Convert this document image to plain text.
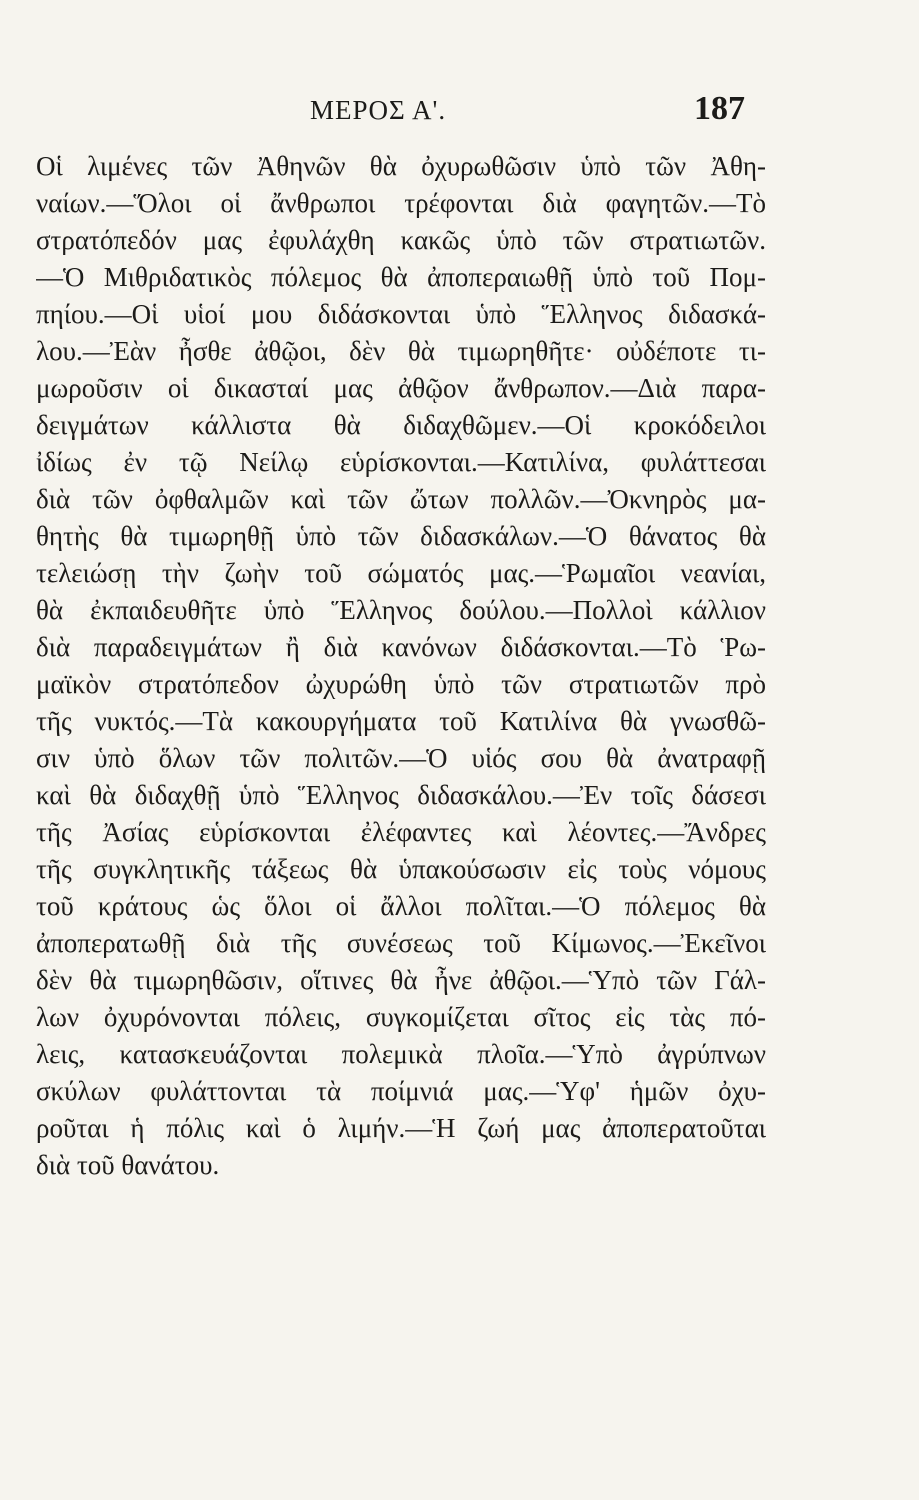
ΜΕΡΟΣ Α'.	187
Οἱ λιμένες τῶν Ἀθηνῶν θὰ ὀχυρωθῶσιν ὑπὸ τῶν Ἀθη-
ναίων.—Ὅλοι οἱ ἄνθρωποι τρέφονται διὰ φαγητῶν.—Τὸ
στρατόπεδόν μας ἐφυλάχθη κακῶς ὑπὸ τῶν στρατιωτῶν.
—Ὁ Μιθριδατικὸς πόλεμος θὰ ἀποπεραιωθῇ ὑπὸ τοῦ Πομ-
πηίου.—Οἱ υἱοί μου διδάσκονται ὑπὸ Ἕλληνος διδασκά-
λου.—Ἐὰν ἦσθε ἀθῷοι, δὲν θὰ τιμωρηθῆτε· οὐδέποτε τι-
μωροῦσιν οἱ δικασταί μας ἀθῷον ἄνθρωπον.—Διὰ παρα-
δειγμάτων κάλλιστα θὰ διδαχθῶμεν.—Οἱ κροκόδειλοι
ἰδίως ἐν τῷ Νείλῳ εὑρίσκονται.—Κατιλίνα, φυλάττεσαι
διὰ τῶν ὀφθαλμῶν καὶ τῶν ὤτων πολλῶν.—Ὀκνηρὸς μα-
θητὴς θὰ τιμωρηθῇ ὑπὸ τῶν διδασκάλων.—Ὁ θάνατος θὰ
τελειώσῃ τὴν ζωὴν τοῦ σώματός μας.—Ῥωμαῖοι νεανίαι,
θὰ ἐκπαιδευθῆτε ὑπὸ Ἕλληνος δούλου.—Πολλοὶ κάλλιον
διὰ παραδειγμάτων ἢ διὰ κανόνων διδάσκονται.—Τὸ Ῥω-
μαϊκὸν στρατόπεδον ὠχυρώθη ὑπὸ τῶν στρατιωτῶν πρὸ
τῆς νυκτός.—Τὰ κακουργήματα τοῦ Κατιλίνα θὰ γνωσθῶ-
σιν ὑπὸ ὅλων τῶν πολιτῶν.—Ὁ υἱός σου θὰ ἀνατραφῇ
καὶ θὰ διδαχθῇ ὑπὸ Ἕλληνος διδασκάλου.—Ἐν τοῖς δάσεσι
τῆς Ἀσίας εὑρίσκονται ἐλέφαντες καὶ λέοντες.—Ἄνδρες
τῆς συγκλητικῆς τάξεως θὰ ὑπακούσωσιν εἰς τοὺς νόμους
τοῦ κράτους ὡς ὅλοι οἱ ἄλλοι πολῖται.—Ὁ πόλεμος θὰ
ἀποπερατωθῇ διὰ τῆς συνέσεως τοῦ Κίμωνος.—Ἐκεῖνοι
δὲν θὰ τιμωρηθῶσιν, οἵτινες θὰ ἦνε ἀθῷοι.—Ὑπὸ τῶν Γάλ-
λων ὀχυρόνονται πόλεις, συγκομίζεται σῖτος εἰς τὰς πό-
λεις, κατασκευάζονται πολεμικὰ πλοῖα.—Ὑπὸ ἀγρύπνων
σκύλων φυλάττονται τὰ ποίμνιά μας.—Ὑφ' ἡμῶν ὀχυ-
ροῦται ἡ πόλις καὶ ὁ λιμήν.—Ἡ ζωή μας ἀποπερατοῦται
διὰ τοῦ θανάτου.
